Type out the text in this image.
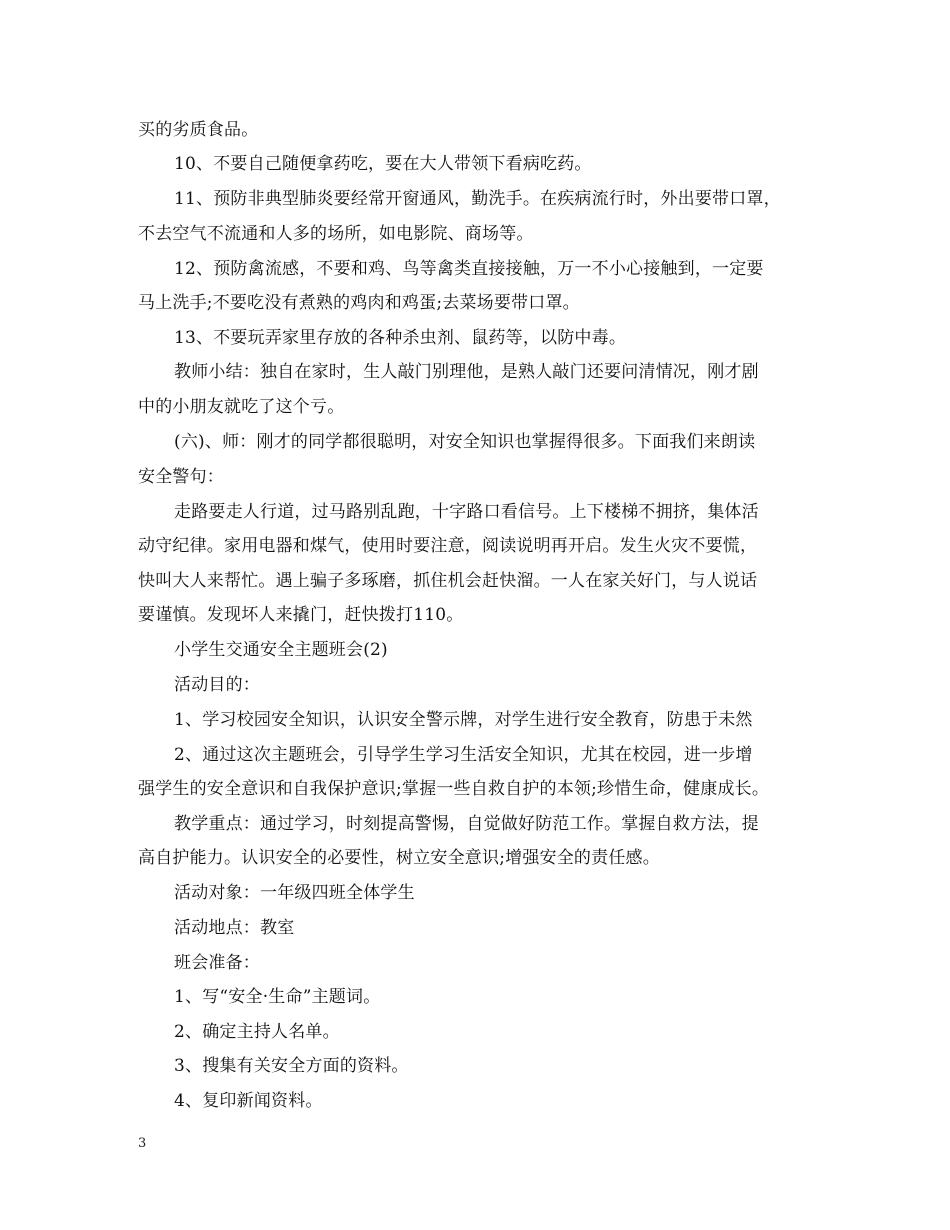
买的劣质食品。
10、不要自己随便拿药吃，要在大人带领下看病吃药。
11、预防非典型肺炎要经常开窗通风，勤洗手。在疾病流行时，外出要带口罩，
不去空气不流通和人多的场所，如电影院、商场等。
12、预防禽流感，不要和鸡、鸟等禽类直接接触，万一不小心接触到，一定要
马上洗手;不要吃没有煮熟的鸡肉和鸡蛋;去菜场要带口罩。
13、不要玩弄家里存放的各种杀虫剂、鼠药等，以防中毒。
教师小结：独自在家时，生人敲门别理他，是熟人敲门还要问清情况，刚才剧
中的小朋友就吃了这个亏。
(六)、师：刚才的同学都很聪明，对安全知识也掌握得很多。下面我们来朗读
安全警句：
走路要走人行道，过马路别乱跑，十字路口看信号。上下楼梯不拥挤，集体活
动守纪律。家用电器和煤气，使用时要注意，阅读说明再开启。发生火灾不要慌，
快叫大人来帮忙。遇上骗子多琢磨，抓住机会赶快溜。一人在家关好门，与人说话
要谨慎。发现坏人来撬门，赶快拨打110。
小学生交通安全主题班会(2)
活动目的：
1、学习校园安全知识，认识安全警示牌，对学生进行安全教育，防患于未然
2、通过这次主题班会，引导学生学习生活安全知识，尤其在校园，进一步增
强学生的安全意识和自我保护意识;掌握一些自救自护的本领;珍惜生命，健康成长。
教学重点：通过学习，时刻提高警惕，自觉做好防范工作。掌握自救方法，提
高自护能力。认识安全的必要性，树立安全意识;增强安全的责任感。
活动对象：一年级四班全体学生
活动地点：教室
班会准备：
1、写“安全·生命”主题词。
2、确定主持人名单。
3、搜集有关安全方面的资料。
4、复印新闻资料。
3
